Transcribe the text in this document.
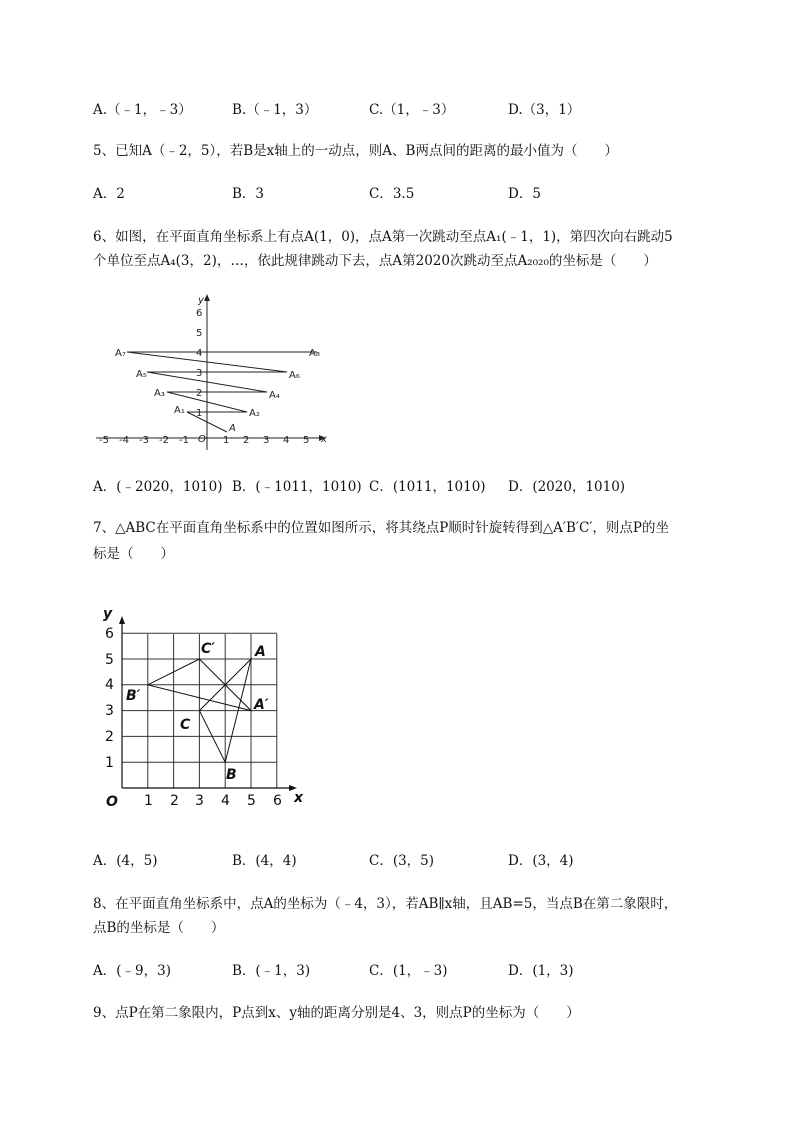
A.（﹣1，﹣3）	B.（﹣1，3）	C.（1，﹣3）	D.（3，1）
5、已知A（﹣2，5），若B是x轴上的一动点，则A、B两点间的距离的最小值为（　　）
A．2	B．3	C．3.5	D．5
6、如图，在平面直角坐标系上有点A(1，0)，点A第一次跳动至点A₁(﹣1，1)，第四次向右跳动5
个单位至点A₄(3，2)，…，依此规律跳动下去，点A第2020次跳动至点A₂₀₂₀的坐标是（　　）
-5 -4 -3 -2 -1	1 2 3 4 5
O	x
y
1
2
3
4
5
6
A
A₁	A₂
A₃	A₄
A₅	A₆
A₇	A₈
A．(﹣2020，1010) B．(﹣1011，1010) C．(1011，1010) D．(2020，1010)
7、△ABC在平面直角坐标系中的位置如图所示，将其绕点P顺时针旋转得到△A′B′C′，则点P的坐
标是（　　）
1 2 3 4 5 6
1
2
3
4
5
6
O	x
y
A
B
C
A′
B′
C′
A．(4，5)	B．(4，4)	C．(3，5)	D．(3，4)
8、在平面直角坐标系中，点A的坐标为（﹣4，3），若AB∥x轴，且AB=5，当点B在第二象限时，
点B的坐标是（　　）
A．(﹣9，3)	B．(﹣1，3)	C．(1，﹣3)	D．(1，3)
9、点P在第二象限内，P点到x、y轴的距离分别是4、3，则点P的坐标为（　　）
